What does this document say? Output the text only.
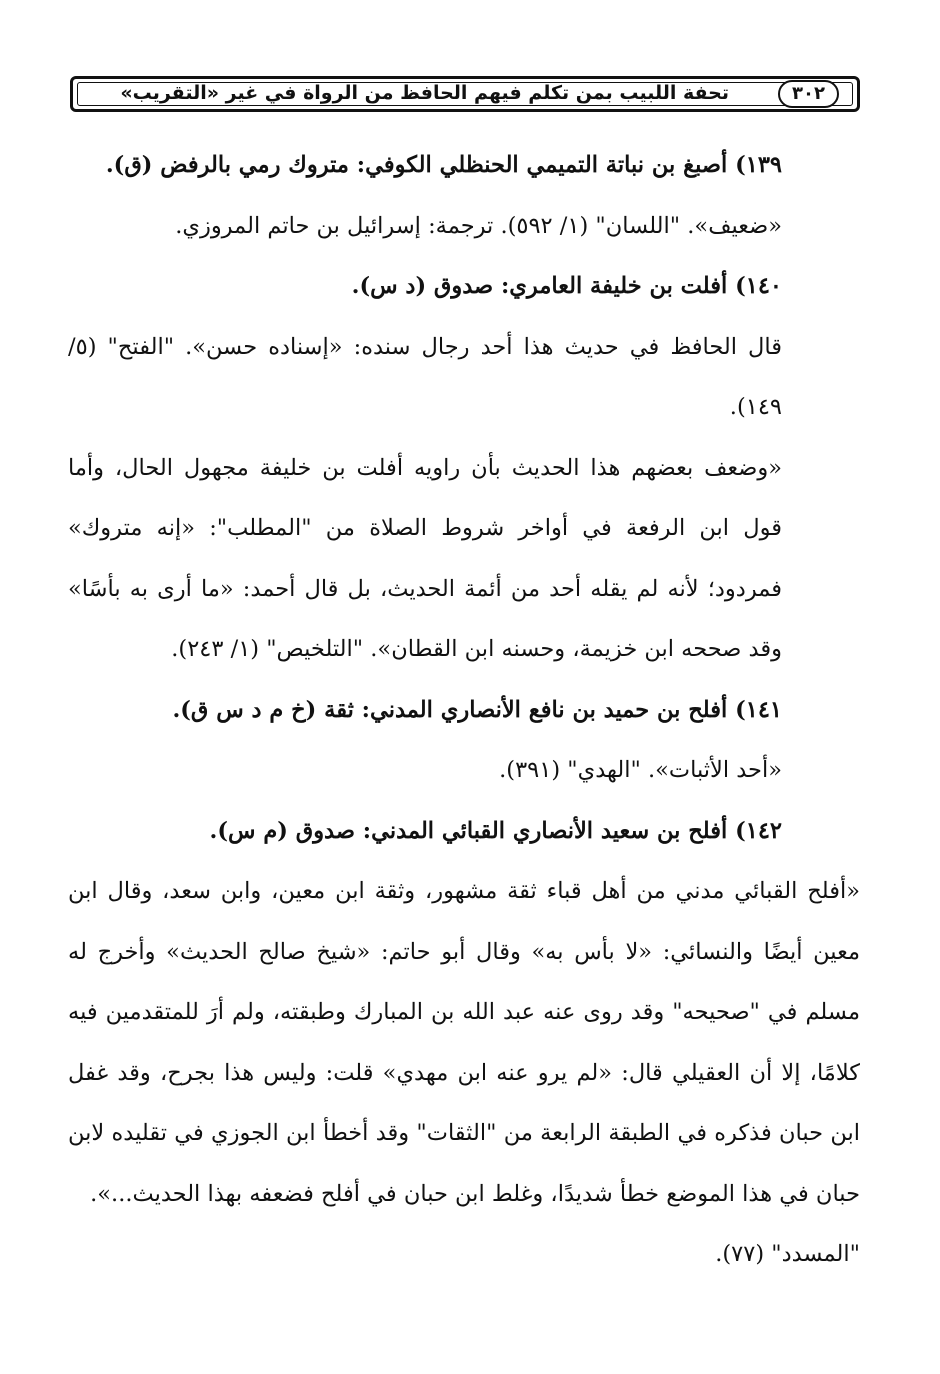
٣٠٢
تحفة اللبيب بمن تكلم فيهم الحافظ من الرواة في غير «التقريب»

١٣٩) أصبغ بن نباتة التميمي الحنظلي الكوفي: متروك رمي بالرفض (ق).

«ضعيف». "اللسان" (١/ ٥٩٢). ترجمة: إسرائيل بن حاتم المروزي.

١٤٠) أفلت بن خليفة العامري: صدوق (د س).

قال الحافظ في حديث هذا أحد رجال سنده: «إسناده حسن». "الفتح" (٥/ ١٤٩).

«وضعف بعضهم هذا الحديث بأن راويه أفلت بن خليفة مجهول الحال، وأما قول ابن الرفعة في أواخر شروط الصلاة من "المطلب": «إنه متروك» فمردود؛ لأنه لم يقله أحد من أئمة الحديث، بل قال أحمد: «ما أرى به بأسًا» وقد صححه ابن خزيمة، وحسنه ابن القطان». "التلخيص" (١/ ٢٤٣).

١٤١) أفلح بن حميد بن نافع الأنصاري المدني: ثقة (خ م د س ق).

«أحد الأثبات». "الهدي" (٣٩١).

١٤٢) أفلح بن سعيد الأنصاري القبائي المدني: صدوق (م س).

«أفلح القبائي مدني من أهل قباء ثقة مشهور، وثقة ابن معين، وابن سعد، وقال ابن معين أيضًا والنسائي: «لا بأس به» وقال أبو حاتم: «شيخ صالح الحديث» وأخرج له مسلم في "صحيحه" وقد روى عنه عبد الله بن المبارك وطبقته، ولم أرَ للمتقدمين فيه كلامًا، إلا أن العقيلي قال: «لم يرو عنه ابن مهدي» قلت: وليس هذا بجرح، وقد غفل ابن حبان فذكره في الطبقة الرابعة من "الثقات" وقد أخطأ ابن الجوزي في تقليده لابن حبان في هذا الموضع خطأ شديدًا، وغلط ابن حبان في أفلح فضعفه بهذا الحديث...».

"المسدد" (٧٧).
